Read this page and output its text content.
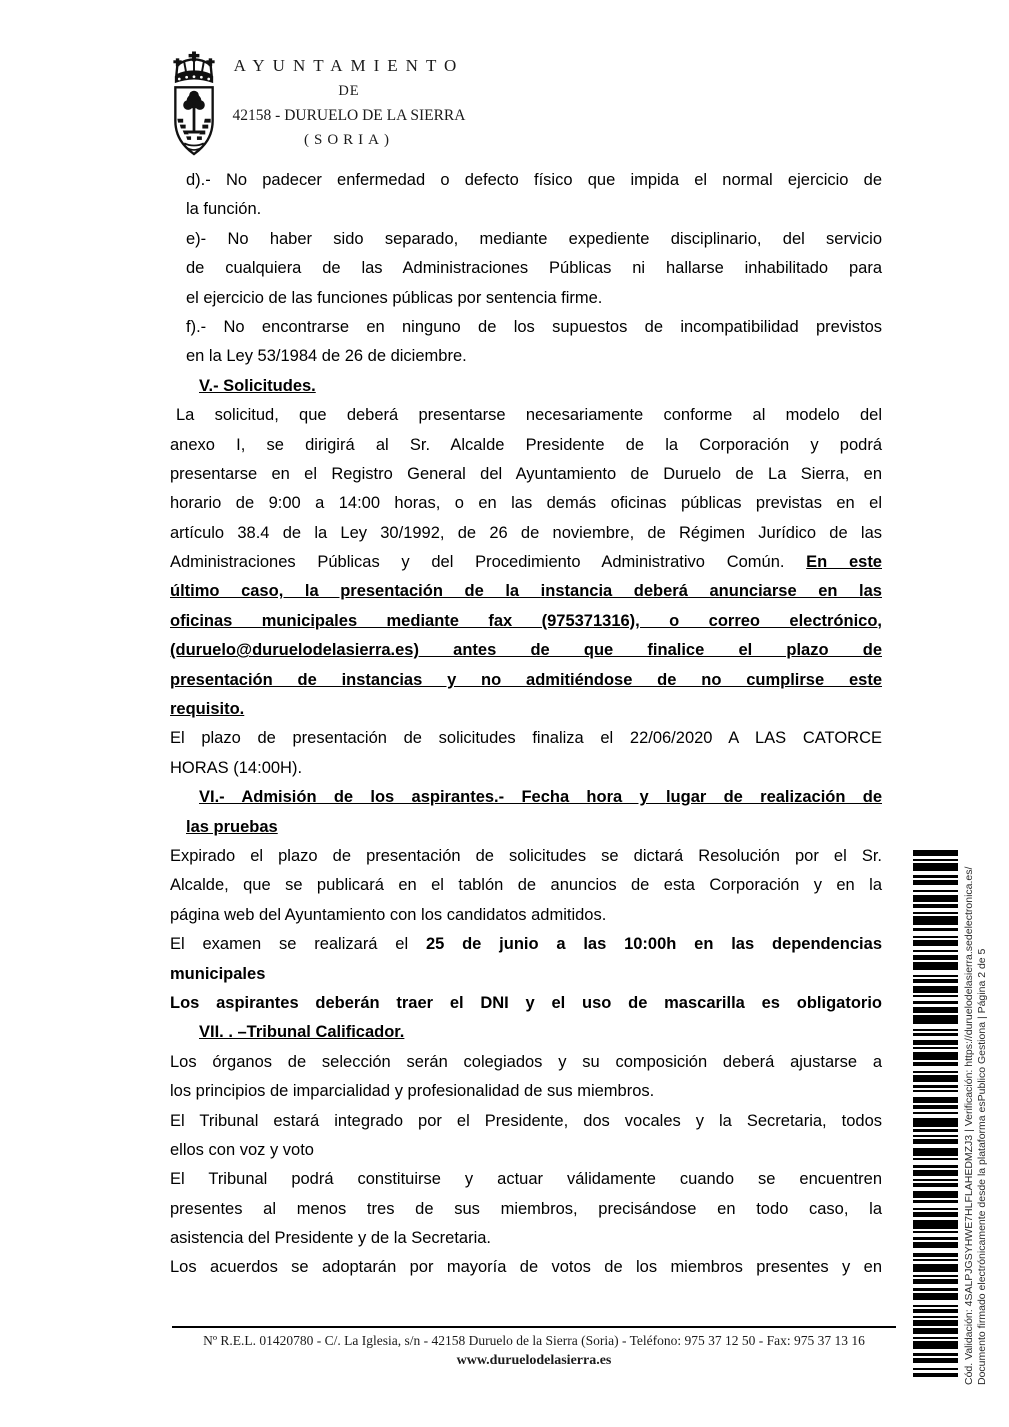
AYUNTAMIENTO
DE
42158 - DURUELO DE LA SIERRA
(SORIA)
d).- No padecer enfermedad o defecto físico que impida el normal ejercicio de
la función.
e)- No haber sido separado, mediante expediente disciplinario, del servicio
de cualquiera de las Administraciones Públicas ni hallarse inhabilitado para
el ejercicio de las funciones públicas por sentencia firme.
f).- No encontrarse en ninguno de los supuestos de incompatibilidad previstos
en la Ley 53/1984 de 26 de diciembre.
V.- Solicitudes.
La solicitud, que deberá presentarse necesariamente conforme al modelo del
anexo I, se dirigirá al Sr. Alcalde Presidente de la Corporación y podrá
presentarse en el Registro General del Ayuntamiento de Duruelo de La Sierra, en
horario de 9:00 a 14:00 horas, o en las demás oficinas públicas previstas en el
artículo 38.4 de la Ley 30/1992, de 26 de noviembre, de Régimen Jurídico de las
Administraciones Públicas y del Procedimiento Administrativo Común. En este
último caso, la presentación de la instancia deberá anunciarse en las
oficinas municipales mediante fax (975371316), o correo electrónico,
(duruelo@duruelodelasierra.es) antes de que finalice el plazo de
presentación de instancias y no admitiéndose de no cumplirse este
requisito.
El plazo de presentación de solicitudes finaliza el 22/06/2020 A LAS CATORCE
HORAS (14:00H).
VI.- Admisión de los aspirantes.- Fecha hora y lugar de realización de
las pruebas
Expirado el plazo de presentación de solicitudes se dictará Resolución por el Sr.
Alcalde, que se publicará en el tablón de anuncios de esta Corporación y en la
página web del Ayuntamiento con los candidatos admitidos.
El examen se realizará el 25 de junio a las 10:00h en las dependencias
municipales
Los aspirantes deberán traer el DNI y el uso de mascarilla es obligatorio
VII. . –Tribunal Calificador.
Los órganos de selección serán colegiados y su composición deberá ajustarse a
los principios de imparcialidad y profesionalidad de sus miembros.
El Tribunal estará integrado por el Presidente, dos vocales y la Secretaria, todos
ellos con voz y voto
El Tribunal podrá constituirse y actuar válidamente cuando se encuentren
presentes al menos tres de sus miembros, precisándose en todo caso, la
asistencia del Presidente y de la Secretaria.
Los acuerdos se adoptarán por mayoría de votos de los miembros presentes y en
Nº R.E.L. 01420780 - C/. La Iglesia, s/n - 42158 Duruelo de la Sierra (Soria) - Teléfono: 975 37 12 50 - Fax: 975 37 13 16
www.duruelodelasierra.es	Cód. Validación: 4SALPJGSYHWE7HLFLAHEDMZJ3 | Verificación: https://duruelodelasierra.sedelectronica.es/ Documento firmado electrónicamente desde la plataforma esPublico Gestiona | Página 2 de 5
